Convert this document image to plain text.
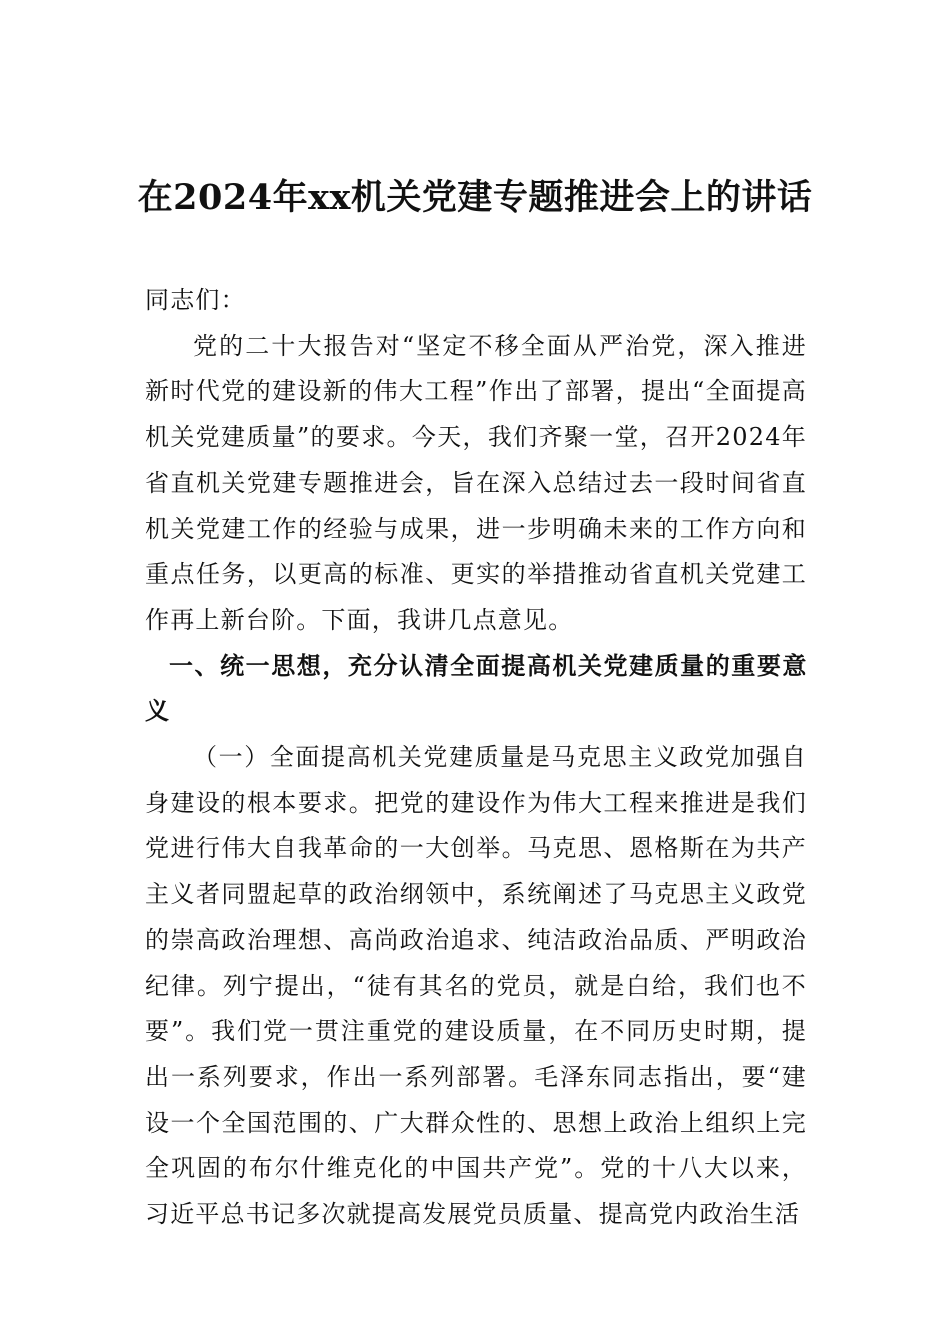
在2024年xx机关党建专题推进会上的讲话

同志们：

党的二十大报告对“坚定不移全面从严治党，深入推进新时代党的建设新的伟大工程”作出了部署，提出“全面提高机关党建质量”的要求。今天，我们齐聚一堂，召开2024年省直机关党建专题推进会，旨在深入总结过去一段时间省直机关党建工作的经验与成果，进一步明确未来的工作方向和重点任务，以更高的标准、更实的举措推动省直机关党建工作再上新台阶。下面，我讲几点意见。

一、统一思想，充分认清全面提高机关党建质量的重要意义

（一）全面提高机关党建质量是马克思主义政党加强自身建设的根本要求。把党的建设作为伟大工程来推进是我们党进行伟大自我革命的一大创举。马克思、恩格斯在为共产主义者同盟起草的政治纲领中，系统阐述了马克思主义政党的崇高政治理想、高尚政治追求、纯洁政治品质、严明政治纪律。列宁提出，“徒有其名的党员，就是白给，我们也不要”。我们党一贯注重党的建设质量，在不同历史时期，提出一系列要求，作出一系列部署。毛泽东同志指出，要“建设一个全国范围的、广大群众性的、思想上政治上组织上完全巩固的布尔什维克化的中国共产党”。党的十八大以来，习近平总书记多次就提高发展党员质量、提高党内政治生活
